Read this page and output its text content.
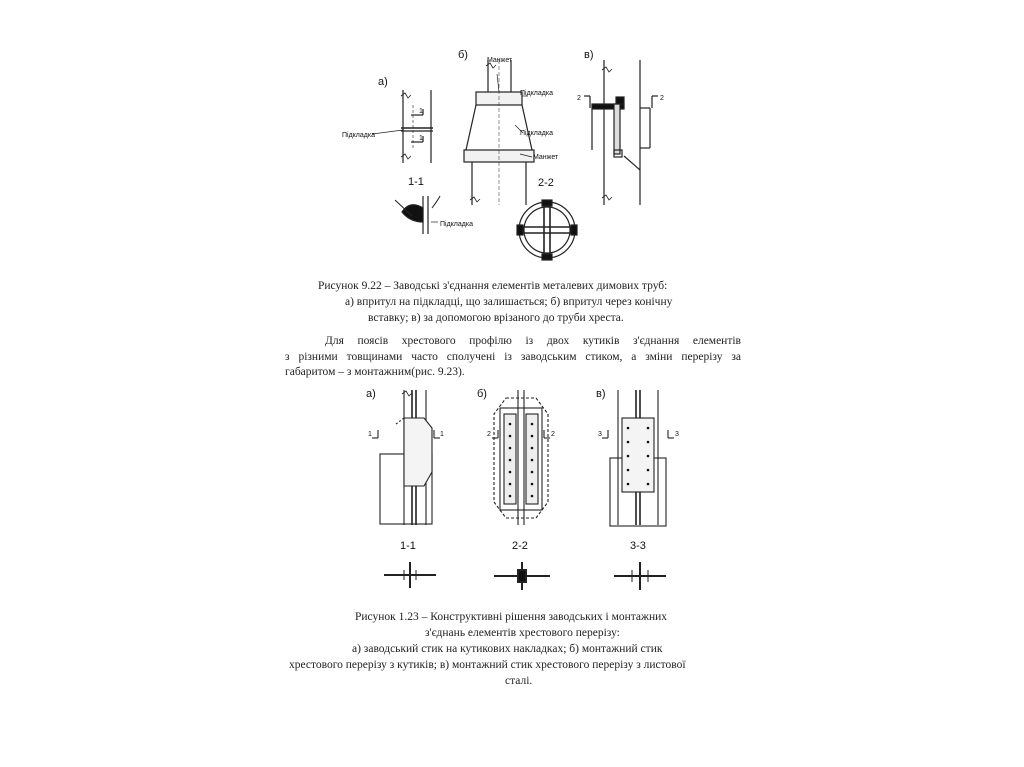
а)
Підкладка
1
1
1-1
Підкладка
б)	Манжет
Підкладка
Підкладка
Манжет
2-2
в)
2	2

Рисунок 9.22 – Заводські з'єднання елементів металевих димових труб:

а) впритул на підкладці, що залишається; б) впритул через конічну

вставку; в) за допомогою врізаного до труби хреста.

Для поясів хрестового профілю із двох кутиків з'єднання елементів
з різними товщинами часто сполучені із заводським стиком, а зміни перерізу за
габаритом – з монтажним(рис. 9.23).
а)
1	1
б)
2	2
в)
3	3
1-1	2-2	3-3

Рисунок 1.23 – Конструктивні рішення заводських і монтажних

з'єднань елементів хрестового перерізу:

а) заводський стик на кутикових накладках; б) монтажний стик

хрестового перерізу з кутиків; в) монтажний стик хрестового перерізу з листової

сталі.
